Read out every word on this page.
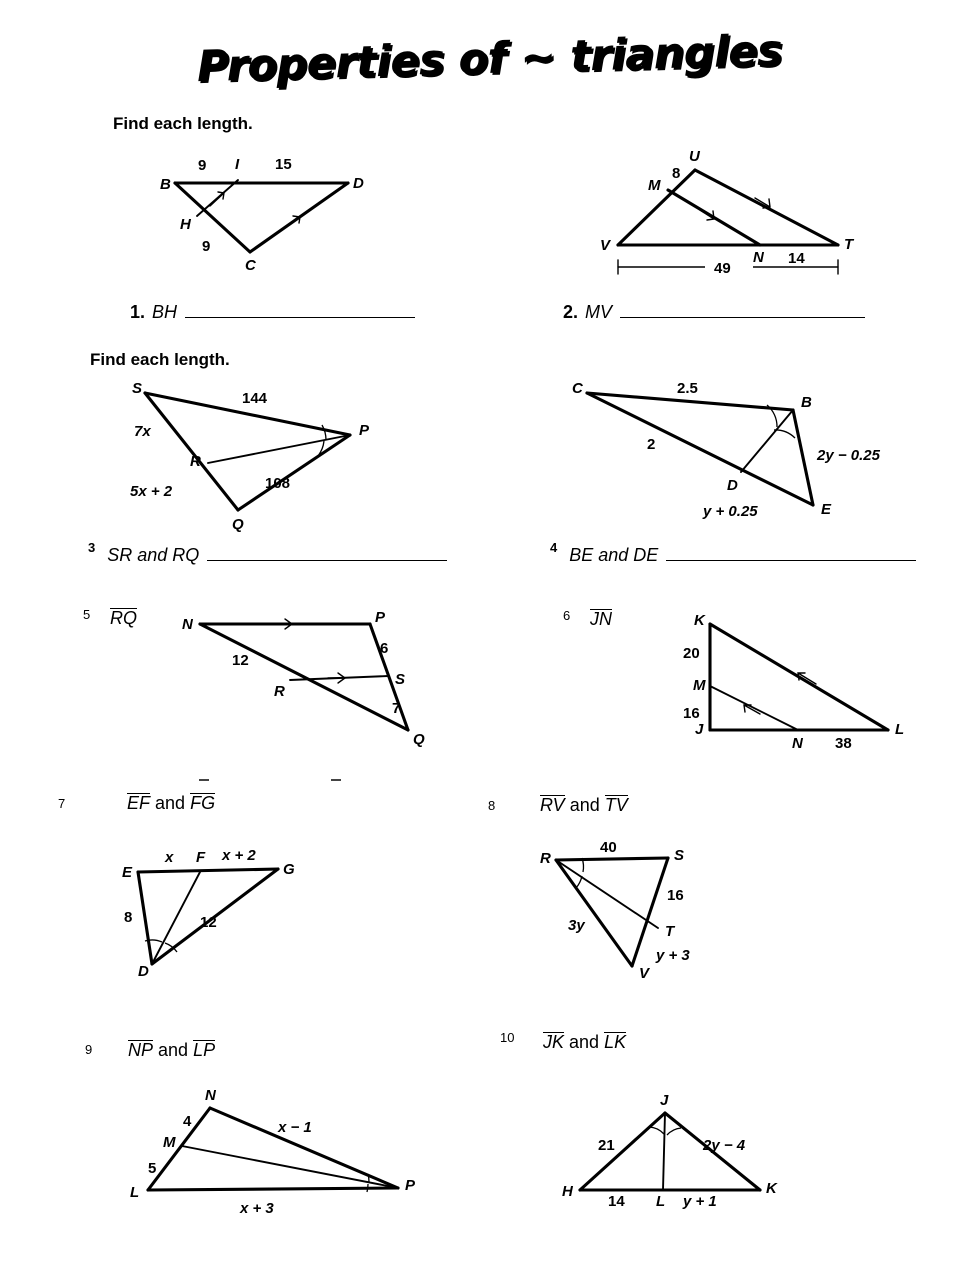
Properties of ~ triangles
Find each length.
B
I
D
H
C
9	15
9
U
M
V
N
T
8
14
49
1. BH	2. MV
Find each length.
S
P
R
Q
144
7x
5x + 2	108
C
B
D
E
2.5
2
2y − 0.25
y + 0.25
3 SR and RQ	4 BE and DE
5 RQ	N	P
R
S
Q
12
6
7
6 JN	K
M
J
N
L
20
16
38
7	EF and FG
E
F
G
D
x	x + 2
8	12
8 RV and TV
R	S
T
V
40
16
3y
y + 3
9 NP and LP
N
M
L	P
4
5
x − 1
x + 3
10 JK and LK
J
H
L
K
21	2y − 4
14	y + 1
